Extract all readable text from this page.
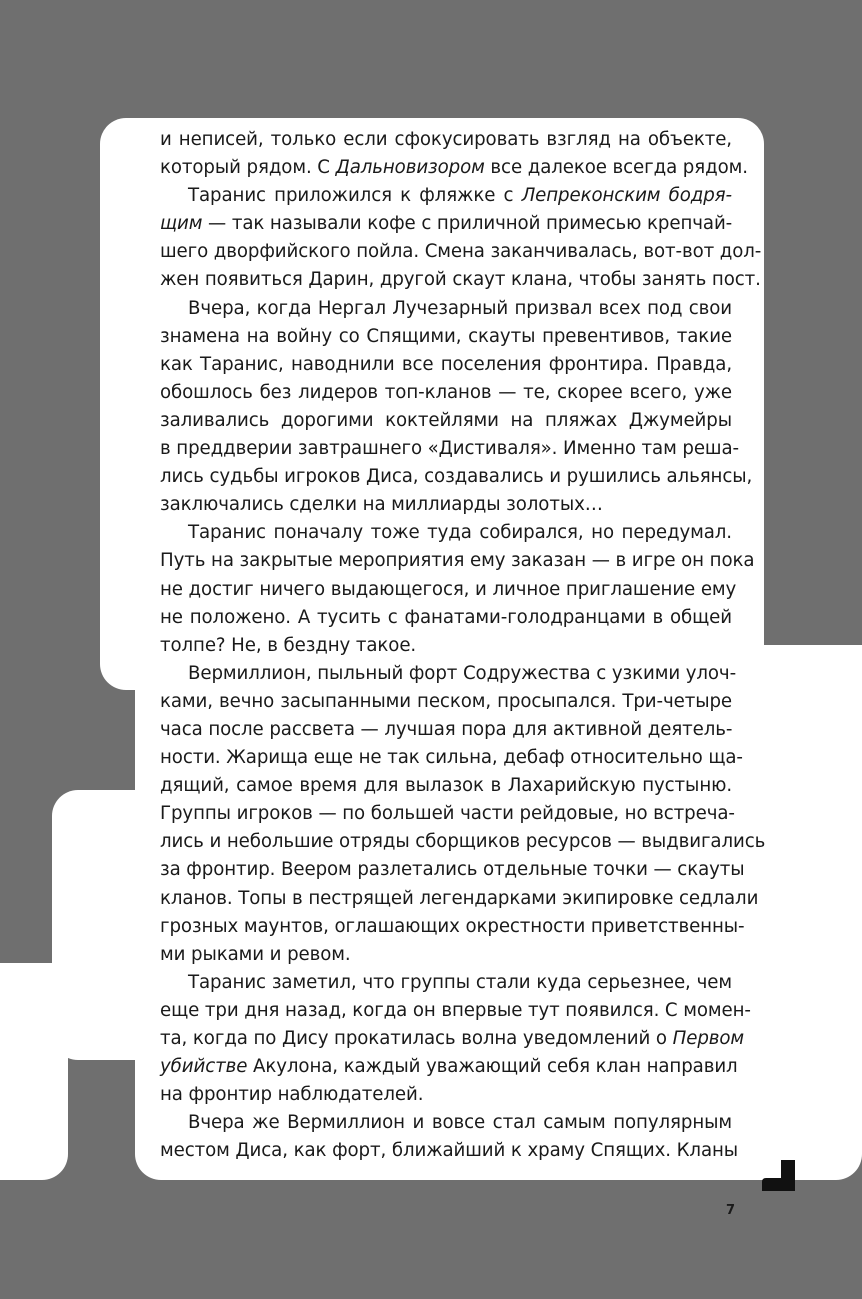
и неписей, только если сфокусировать взгляд на объекте,
который рядом. С Дальновизором все далекое всегда рядом.
Таранис приложился к фляжке с Лепреконским бодря-
щим — так называли кофе с приличной примесью крепчай-
шего дворфийского пойла. Смена заканчивалась, вот-вот дол-
жен появиться Дарин, другой скаут клана, чтобы занять пост.
Вчера, когда Нергал Лучезарный призвал всех под свои
знамена на войну со Спящими, скауты превентивов, такие
как Таранис, наводнили все поселения фронтира. Правда,
обошлось без лидеров топ-кланов — те, скорее всего, уже
заливались дорогими коктейлями на пляжах Джумейры
в преддверии завтрашнего «Дистиваля». Именно там реша-
лись судьбы игроков Диса, создавались и рушились альянсы,
заключались сделки на миллиарды золотых…
Таранис поначалу тоже туда собирался, но передумал.
Путь на закрытые мероприятия ему заказан — в игре он пока
не достиг ничего выдающегося, и личное приглашение ему
не положено. А тусить с фанатами-голодранцами в общей
толпе? Не, в бездну такое.
Вермиллион, пыльный форт Содружества с узкими улоч-
ками, вечно засыпанными песком, просыпался. Три-четыре
часа после рассвета — лучшая пора для активной деятель-
ности. Жарища еще не так сильна, дебаф относительно ща-
дящий, самое время для вылазок в Лахарийскую пустыню.
Группы игроков — по большей части рейдовые, но встреча-
лись и небольшие отряды сборщиков ресурсов — выдвигались
за фронтир. Веером разлетались отдельные точки — скауты
кланов. Топы в пестрящей легендарками экипировке седлали
грозных маунтов, оглашающих окрестности приветственны-
ми рыками и ревом.
Таранис заметил, что группы стали куда серьезнее, чем
еще три дня назад, когда он впервые тут появился. С момен-
та, когда по Дису прокатилась волна уведомлений о Первом
убийстве Акулона, каждый уважающий себя клан направил
на фронтир наблюдателей.
Вчера же Вермиллион и вовсе стал самым популярным
местом Диса, как форт, ближайший к храму Спящих. Кланы
7
